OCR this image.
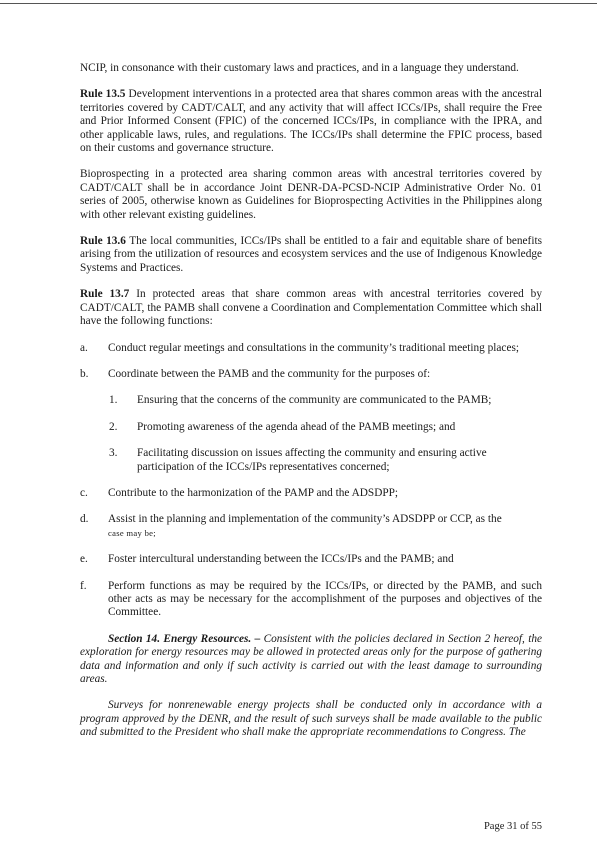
NCIP, in consonance with their customary laws and practices, and in a language they understand.

Rule 13.5 Development interventions in a protected area that shares common areas with the ancestral territories covered by CADT/CALT, and any activity that will affect ICCs/IPs, shall require the Free and Prior Informed Consent (FPIC) of the concerned ICCs/IPs, in compliance with the IPRA, and other applicable laws, rules, and regulations. The ICCs/IPs shall determine the FPIC process, based on their customs and governance structure.

Bioprospecting in a protected area sharing common areas with ancestral territories covered by CADT/CALT shall be in accordance Joint DENR-DA-PCSD-NCIP Administrative Order No. 01 series of 2005, otherwise known as Guidelines for Bioprospecting Activities in the Philippines along with other relevant existing guidelines.

Rule 13.6 The local communities, ICCs/IPs shall be entitled to a fair and equitable share of benefits arising from the utilization of resources and ecosystem services and the use of Indigenous Knowledge Systems and Practices.

Rule 13.7 In protected areas that share common areas with ancestral territories covered by CADT/CALT, the PAMB shall convene a Coordination and Complementation Committee which shall have the following functions:

a.	Conduct regular meetings and consultations in the community’s traditional meeting places;
b.	Coordinate between the PAMB and the community for the purposes of:
1.	Ensuring that the concerns of the community are communicated to the PAMB;
2.	Promoting awareness of the agenda ahead of the PAMB meetings; and
3.	Facilitating discussion on issues affecting the community and ensuring active participation of the ICCs/IPs representatives concerned;
c.	Contribute to the harmonization of the PAMP and the ADSDPP;
d.	Assist in the planning and implementation of the community’s ADSDPP or CCP, as the
case may be;
e.	Foster intercultural understanding between the ICCs/IPs and the PAMB; and
f.	Perform functions as may be required by the ICCs/IPs, or directed by the PAMB, and such other acts as may be necessary for the accomplishment of the purposes and objectives of the Committee.

Section 14. Energy Resources. – Consistent with the policies declared in Section 2 hereof, the exploration for energy resources may be allowed in protected areas only for the purpose of gathering data and information and only if such activity is carried out with the least damage to surrounding areas.

Surveys for nonrenewable energy projects shall be conducted only in accordance with a program approved by the DENR, and the result of such surveys shall be made available to the public and submitted to the President who shall make the appropriate recommendations to Congress. The

Page 31 of 55
